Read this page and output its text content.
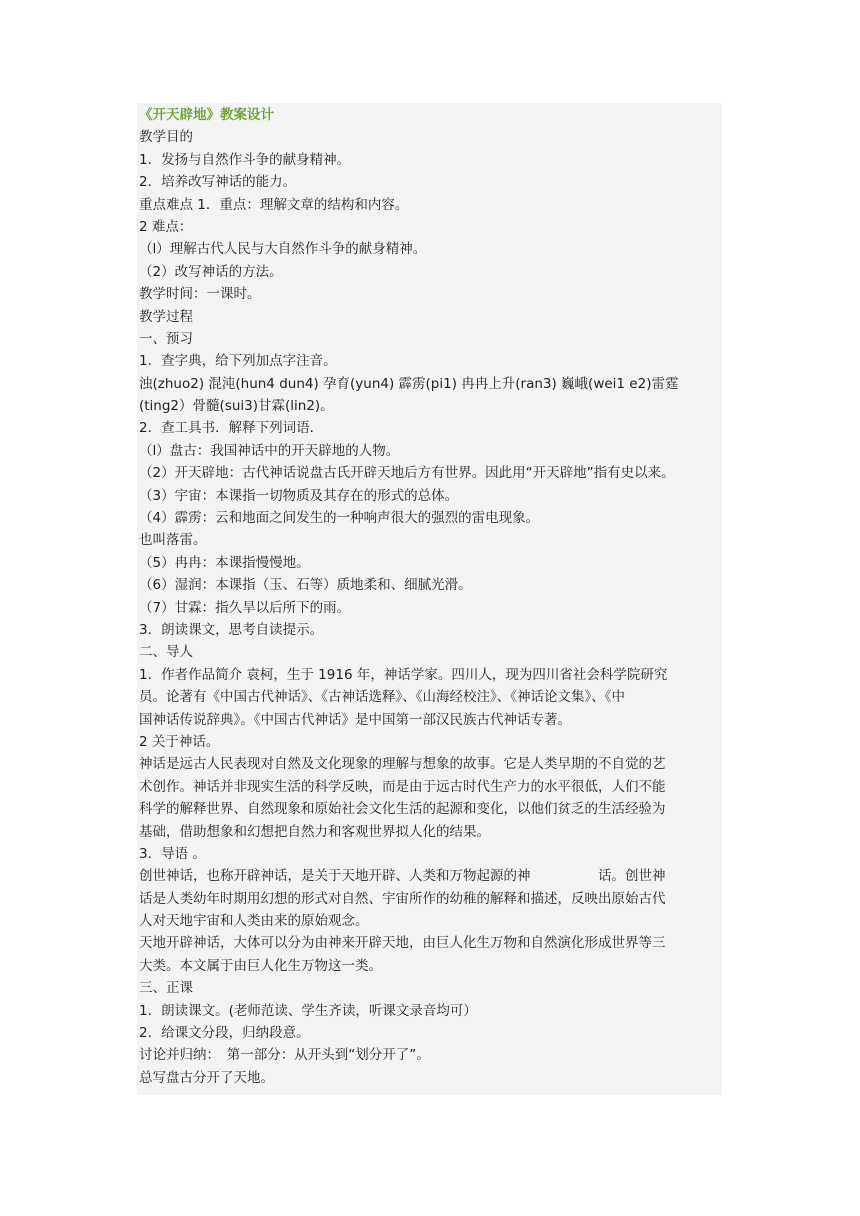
《开天辟地》教案设计
教学目的
1．发扬与自然作斗争的献身精神。
2．培养改写神话的能力。
重点难点 1．重点：理解文章的结构和内容。
2 难点：
（l）理解古代人民与大自然作斗争的献身精神。
（2）改写神话的方法。
教学时间：一课时。
教学过程
一、预习
1．查字典，给下列加点字注音。
浊(zhuo2) 混沌(hun4 dun4) 孕育(yun4) 霹雳(pi1) 冉冉上升(ran3) 巍峨(wei1 e2)雷霆
(ting2）骨髓(sui3)甘霖(lin2)。
2．查工具书．解释下列词语．
（l）盘古：我国神话中的开天辟地的人物。
（2）开天辟地：古代神话说盘古氏开辟天地后方有世界。因此用“开天辟地”指有史以来。
（3）宇宙：本课指一切物质及其存在的形式的总体。
（4）霹雳：云和地面之间发生的一种响声很大的强烈的雷电现象。
也叫落雷。
（5）冉冉：本课指慢慢地。
（6）湿润：本课指（玉、石等）质地柔和、细腻光滑。
（7）甘霖：指久旱以后所下的雨。
3．朗读课文，思考自读提示。
二、导人
1．作者作品简介 袁柯，生于 1916 年，神话学家。四川人，现为四川省社会科学院研究
员。论著有《中国古代神话》、《古神话选释》、《山海经校注》、《神话论文集》、《中
国神话传说辞典》。《中国古代神话》是中国第一部汉民族古代神话专著。
2 关于神话。
神话是远古人民表现对自然及文化现象的理解与想象的故事。它是人类早期的不自觉的艺
术创作。神话并非现实生活的科学反映，而是由于远古时代生产力的水平很低，人们不能
科学的解释世界、自然现象和原始社会文化生活的起源和变化，以他们贫乏的生活经验为
基础，借助想象和幻想把自然力和客观世界拟人化的结果。
3．导语 。
创世神话，也称开辟神话，是关于天地开辟、人类和万物起源的神　　　　　话。创世神
话是人类幼年时期用幻想的形式对自然、宇宙所作的幼稚的解释和描述，反映出原始古代
人对天地宇宙和人类由来的原始观念。
天地开辟神话，大体可以分为由神来开辟天地，由巨人化生万物和自然演化形成世界等三
大类。本文属于由巨人化生万物这一类。
三、正课
1．朗读课文。(老师范读、学生齐读，听课文录音均可）
2．给课文分段，归纳段意。
讨论并归纳：　第一部分：从开头到“划分开了”。
总写盘古分开了天地。
